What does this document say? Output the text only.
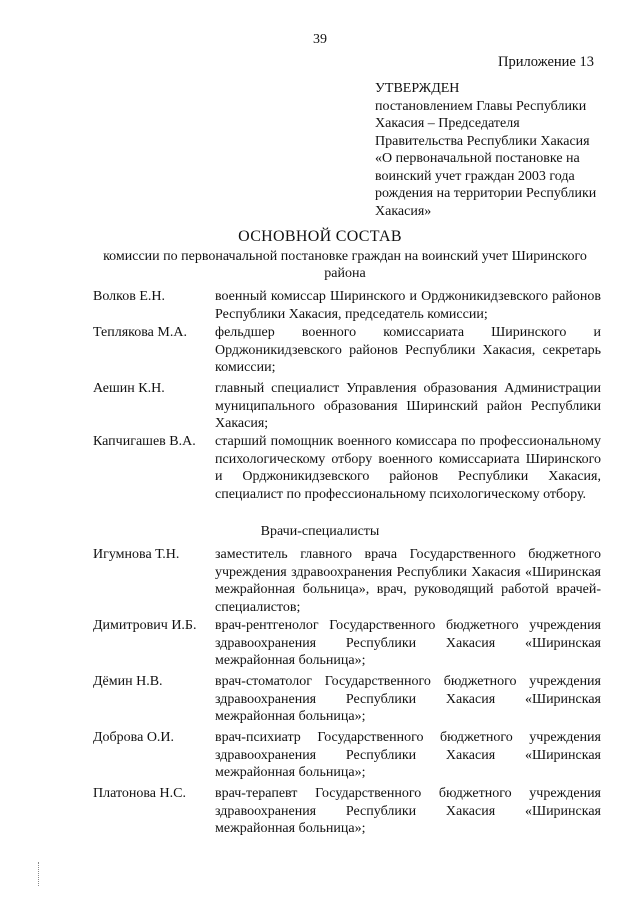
39
Приложение 13
УТВЕРЖДЕН
постановлением Главы Республики
Хакасия – Председателя
Правительства Республики Хакасия
«О первоначальной постановке на
воинский учет граждан 2003 года
рождения на территории Республики
Хакасия»
ОСНОВНОЙ СОСТАВ
комиссии по первоначальной постановке граждан на воинский учет Ширинского района
Волков Е.Н.	военный комиссар Ширинского и Орджоникидзевского районов Республики Хакасия, председатель комиссии;
Теплякова М.А.	фельдшер военного комиссариата Ширинского и Орджоникидзевского районов Республики Хакасия, секретарь комиссии;
Аешин К.Н.	главный специалист Управления образования Администрации муниципального образования Ширинский район Республики Хакасия;
Капчигашев В.А.	старший помощник военного комиссара по профессиональному психологическому отбору военного комиссариата Ширинского и Орджоникидзевского районов Республики Хакасия, специалист по профессиональному психологическому отбору.
Врачи-специалисты
Игумнова Т.Н.	заместитель главного врача Государственного бюджетного учреждения здравоохранения Республики Хакасия «Ширинская межрайонная больница», врач, руководящий работой врачей-специалистов;
Димитрович И.Б.	врач-рентгенолог Государственного бюджетного учреждения здравоохранения Республики Хакасия «Ширинская межрайонная больница»;
Дёмин Н.В.	врач-стоматолог Государственного бюджетного учреждения здравоохранения Республики Хакасия «Ширинская межрайонная больница»;
Доброва О.И.	врач-психиатр Государственного бюджетного учреждения здравоохранения Республики Хакасия «Ширинская межрайонная больница»;
Платонова Н.С.	врач-терапевт Государственного бюджетного учреждения здравоохранения Республики Хакасия «Ширинская межрайонная больница»;
